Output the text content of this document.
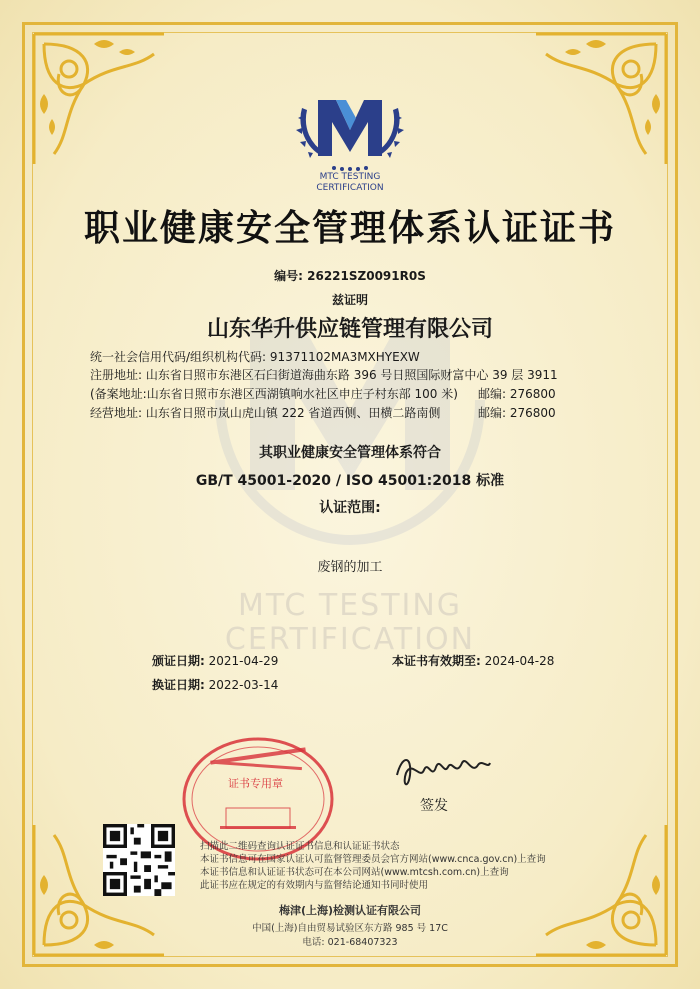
MTC TESTING
CERTIFICATION
MTC TESTING
CERTIFICATION
职业健康安全管理体系认证证书
编号: 26221SZ0091R0S
兹证明
山东华升供应链管理有限公司
统一社会信用代码/组织机构代码: 91371102MA3MXHYEXW
注册地址: 山东省日照市东港区石臼街道海曲东路 396 号日照国际财富中心 39 层 3911
(备案地址:山东省日照市东港区西湖镇响水社区申庄子村东部 100 米) 邮编: 276800
经营地址: 山东省日照市岚山虎山镇 222 省道西侧、田横二路南侧	邮编: 276800
其职业健康安全管理体系符合
GB/T 45001-2020 / ISO 45001:2018 标准
认证范围:
废钢的加工
颁证日期: 2021-04-29	本证书有效期至: 2024-04-28
换证日期: 2022-03-14
证书专用章
签发
扫描此二维码查询认证证书信息和认证证书状态
本证书信息可在国家认证认可监督管理委员会官方网站(www.cnca.gov.cn)上查询
本证书信息和认证证书状态可在本公司网站(www.mtcsh.com.cn)上查询
此证书应在规定的有效期内与监督结论通知书同时使用
梅津(上海)检测认证有限公司
中国(上海)自由贸易试验区东方路 985 号 17C
电话: 021-68407323
